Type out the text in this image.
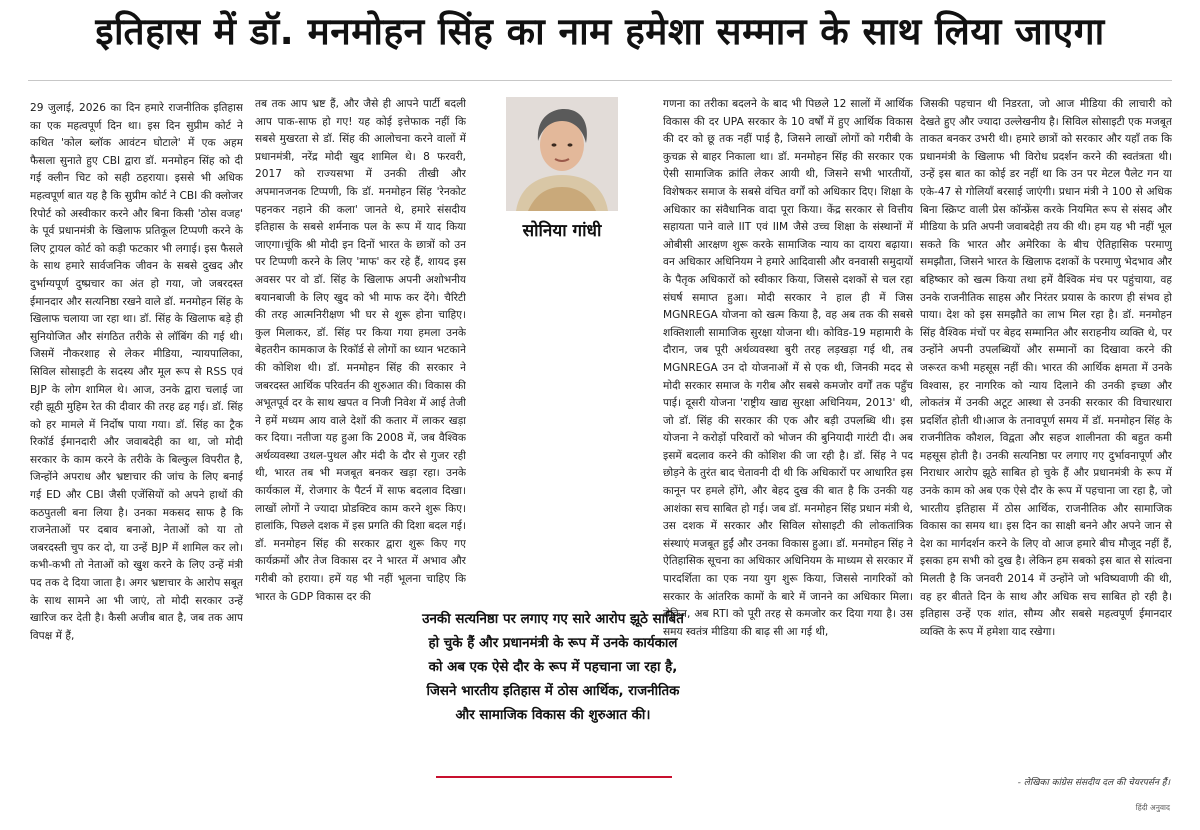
इतिहास में डॉ. मनमोहन सिंह का नाम हमेशा सम्मान के साथ लिया जाएगा

29 जुलाई, 2026 का दिन हमारे राजनीतिक इतिहास का एक महत्वपूर्ण दिन था। इस दिन सुप्रीम कोर्ट ने कथित 'कोल ब्लॉक आवंटन घोटाले' में एक अहम फैसला सुनाते हुए CBI द्वारा डॉ. मनमोहन सिंह को दी गई क्लीन चिट को सही ठहराया। इससे भी अधिक महत्वपूर्ण बात यह है कि सुप्रीम कोर्ट ने CBI की क्लोजर रिपोर्ट को अस्वीकार करने और बिना किसी 'ठोस वजह' के पूर्व प्रधानमंत्री के खिलाफ प्रतिकूल टिप्पणी करने के लिए ट्रायल कोर्ट को कड़ी फटकार भी लगाई। इस फैसले के साथ हमारे सार्वजनिक जीवन के सबसे दुखद और दुर्भाग्यपूर्ण दुष्प्रचार का अंत हो गया, जो जबरदस्त ईमानदार और सत्यनिष्ठा रखने वाले डॉ. मनमोहन सिंह के खिलाफ चलाया जा रहा था। डॉ. सिंह के खिलाफ बड़े ही सुनियोजित और संगठित तरीके से लॉबिंग की गई थी। जिसमें नौकरशाह से लेकर मीडिया, न्यायपालिका, सिविल सोसाइटी के सदस्य और मूल रूप से RSS एवं BJP के लोग शामिल थे। आज, उनके द्वारा चलाई जा रही झूठी मुहिम रेत की दीवार की तरह ढह गई। डॉ. सिंह को हर मामले में निर्दोष पाया गया। डॉ. सिंह का ट्रैक रिकॉर्ड ईमानदारी और जवाबदेही का था, जो मोदी सरकार के काम करने के तरीके के बिल्कुल विपरीत है, जिन्होंने अपराध और भ्रष्टाचार की जांच के लिए बनाई गई ED और CBI जैसी एजेंसियों को अपने हाथों की कठपुतली बना लिया है। उनका मकसद साफ है कि राजनेताओं पर दबाव बनाओ, नेताओं को या तो जबरदस्ती चुप कर दो, या उन्हें BJP में शामिल कर लो। कभी-कभी तो नेताओं को खुश करने के लिए उन्हें मंत्री पद तक दे दिया जाता है। अगर भ्रष्टाचार के आरोप सबूत के साथ सामने आ भी जाएं, तो मोदी सरकार उन्हें खारिज कर देती है। कैसी अजीब बात है, जब तक आप विपक्ष में हैं,

तब तक आप भ्रष्ट हैं, और जैसे ही आपने पार्टी बदली आप पाक-साफ हो गए! यह कोई इत्तेफाक नहीं कि सबसे मुखरता से डॉ. सिंह की आलोचना करने वालों में प्रधानमंत्री, नरेंद्र मोदी खुद शामिल थे। 8 फरवरी, 2017 को राज्यसभा में उनकी तीखी और अपमानजनक टिप्पणी, कि डॉ. मनमोहन सिंह 'रेनकोट पहनकर नहाने की कला' जानते थे, हमारे संसदीय इतिहास के सबसे शर्मनाक पल के रूप में याद किया जाएगा।चूंकि श्री मोदी इन दिनों भारत के छात्रों को उन पर टिप्पणी करने के लिए 'माफ' कर रहे हैं, शायद इस अवसर पर वो डॉ. सिंह के खिलाफ अपनी अशोभनीय बयानबाजी के लिए खुद को भी माफ कर देंगे। चैरिटी की तरह आत्मनिरीक्षण भी घर से शुरू होना चाहिए। कुल मिलाकर, डॉ. सिंह पर किया गया हमला उनके बेहतरीन कामकाज के रिकॉर्ड से लोगों का ध्यान भटकाने की कोशिश थी। डॉ. मनमोहन सिंह की सरकार ने जबरदस्त आर्थिक परिवर्तन की शुरुआत की। विकास की अभूतपूर्व दर के साथ खपत व निजी निवेश में आई तेजी ने हमें मध्यम आय वाले देशों की कतार में लाकर खड़ा कर दिया। नतीजा यह हुआ कि 2008 में, जब वैश्विक अर्थव्यवस्था उथल-पुथल और मंदी के दौर से गुजर रही थी, भारत तब भी मजबूत बनकर खड़ा रहा। उनके कार्यकाल में, रोजगार के पैटर्न में साफ बदलाव दिखा। लाखों लोगों ने ज्यादा प्रोडक्टिव काम करने शुरू किए। हालांकि, पिछले दशक में इस प्रगति की दिशा बदल गई। डॉ. मनमोहन सिंह की सरकार द्वारा शुरू किए गए कार्यक्रमों और तेज विकास दर ने भारत में अभाव और गरीबी को हराया। हमें यह भी नहीं भूलना चाहिए कि भारत के GDP विकास दर की

सोनिया गांधी

गणना का तरीका बदलने के बाद भी पिछले 12 सालों में आर्थिक विकास की दर UPA सरकार के 10 वर्षों में हुए आर्थिक विकास की दर को छू तक नहीं पाई है, जिसने लाखों लोगों को गरीबी के कुचक्र से बाहर निकाला था। डॉ. मनमोहन सिंह की सरकार एक ऐसी सामाजिक क्रांति लेकर आयी थी, जिसने सभी भारतीयों, विशेषकर समाज के सबसे वंचित वर्गों को अधिकार दिए। शिक्षा के अधिकार का संवैधानिक वादा पूरा किया। केंद्र सरकार से वित्तीय सहायता पाने वाले IIT एवं IIM जैसे उच्च शिक्षा के संस्थानों में ओबीसी आरक्षण शुरू करके सामाजिक न्याय का दायरा बढ़ाया। वन अधिकार अधिनियम ने हमारे आदिवासी और वनवासी समुदायों के पैतृक अधिकारों को स्वीकार किया, जिससे दशकों से चल रहा संघर्ष समाप्त हुआ। मोदी सरकार ने हाल ही में जिस MGNREGA योजना को खत्म किया है, वह अब तक की सबसे शक्तिशाली सामाजिक सुरक्षा योजना थी। कोविड-19 महामारी के दौरान, जब पूरी अर्थव्यवस्था बुरी तरह लड़खड़ा गई थी, तब MGNREGA उन दो योजनाओं में से एक थी, जिनकी मदद से मोदी सरकार समाज के गरीब और सबसे कमजोर वर्गों तक पहुँच पाई। दूसरी योजना 'राष्ट्रीय खाद्य सुरक्षा अधिनियम, 2013' थी, जो डॉ. सिंह की सरकार की एक और बड़ी उपलब्धि थी। इस योजना ने करोड़ों परिवारों को भोजन की बुनियादी गारंटी दी। अब इसमें बदलाव करने की कोशिश की जा रही है। डॉ. सिंह ने पद छोड़ने के तुरंत बाद चेतावनी दी थी कि अधिकारों पर आधारित इस कानून पर हमले होंगे, और बेहद दुख की बात है कि उनकी यह आशंका सच साबित हो गई। जब डॉ. मनमोहन सिंह प्रधान मंत्री थे, उस दशक में सरकार और सिविल सोसाइटी की लोकतांत्रिक संस्थाएं मजबूत हुईं और उनका विकास हुआ। डॉ. मनमोहन सिंह ने ऐतिहासिक सूचना का अधिकार अधिनियम के माध्यम से सरकार में पारदर्शिता का एक नया युग शुरू किया, जिससे नागरिकों को सरकार के आंतरिक कामों के बारे में जानने का अधिकार मिला। लेकिन, अब RTI को पूरी तरह से कमजोर कर दिया गया है। उस समय स्वतंत्र मीडिया की बाढ़ सी आ गई थी,

जिसकी पहचान थी निडरता, जो आज मीडिया की लाचारी को देखते हुए और ज्यादा उल्लेखनीय है। सिविल सोसाइटी एक मजबूत ताकत बनकर उभरी थी। हमारे छात्रों को सरकार और यहाँ तक कि प्रधानमंत्री के खिलाफ भी विरोध प्रदर्शन करने की स्वतंत्रता थी। उन्हें इस बात का कोई डर नहीं था कि उन पर मेटल पैलेट गन या एके-47 से गोलियाँ बरसाई जाएंगी। प्रधान मंत्री ने 100 से अधिक बिना स्क्रिप्ट वाली प्रेस कॉन्फ्रेंस करके नियमित रूप से संसद और मीडिया के प्रति अपनी जवाबदेही तय की थी। हम यह भी नहीं भूल सकते कि भारत और अमेरिका के बीच ऐतिहासिक परमाणु समझौता, जिसने भारत के खिलाफ दशकों के परमाणु भेदभाव और बहिष्कार को खत्म किया तथा हमें वैश्विक मंच पर पहुंचाया, वह उनके राजनीतिक साहस और निरंतर प्रयास के कारण ही संभव हो पाया। देश को इस समझौते का लाभ मिल रहा है। डॉ. मनमोहन सिंह वैश्विक मंचों पर बेहद सम्मानित और सराहनीय व्यक्ति थे, पर उन्होंने अपनी उपलब्धियों और सम्मानों का दिखावा करने की जरूरत कभी महसूस नहीं की। भारत की आर्थिक क्षमता में उनके विश्वास, हर नागरिक को न्याय दिलाने की उनकी इच्छा और लोकतंत्र में उनकी अटूट आस्था से उनकी सरकार की विचारधारा प्रदर्शित होती थी।आज के तनावपूर्ण समय में डॉ. मनमोहन सिंह के राजनीतिक कौशल, विद्वता और सहज शालीनता की बहुत कमी महसूस होती है। उनकी सत्यनिष्ठा पर लगाए गए दुर्भावनापूर्ण और निराधार आरोप झूठे साबित हो चुके हैं और प्रधानमंत्री के रूप में उनके काम को अब एक ऐसे दौर के रूप में पहचाना जा रहा है, जो भारतीय इतिहास में ठोस आर्थिक, राजनीतिक और सामाजिक विकास का समय था। इस दिन का साक्षी बनने और अपने जान से देश का मार्गदर्शन करने के लिए वो आज हमारे बीच मौजूद नहीं हैं, इसका हम सभी को दुख है। लेकिन हम सबको इस बात से सांत्वना मिलती है कि जनवरी 2014 में उन्होंने जो भविष्यवाणी की थी, वह हर बीतते दिन के साथ और अधिक सच साबित हो रही है। इतिहास उन्हें एक शांत, सौम्य और सबसे महत्वपूर्ण ईमानदार व्यक्ति के रूप में हमेशा याद रखेगा।

उनकी सत्यनिष्ठा पर लगाए गए सारे आरोप झूठे साबित हो चुके हैं और प्रधानमंत्री के रूप में उनके कार्यकाल को अब एक ऐसे दौर के रूप में पहचाना जा रहा है, जिसने भारतीय इतिहास में ठोस आर्थिक, राजनीतिक और सामाजिक विकास की शुरुआत की।
- लेखिका कांग्रेस संसदीय दल की चेयरपर्सन हैं।
हिंदी अनुवाद
